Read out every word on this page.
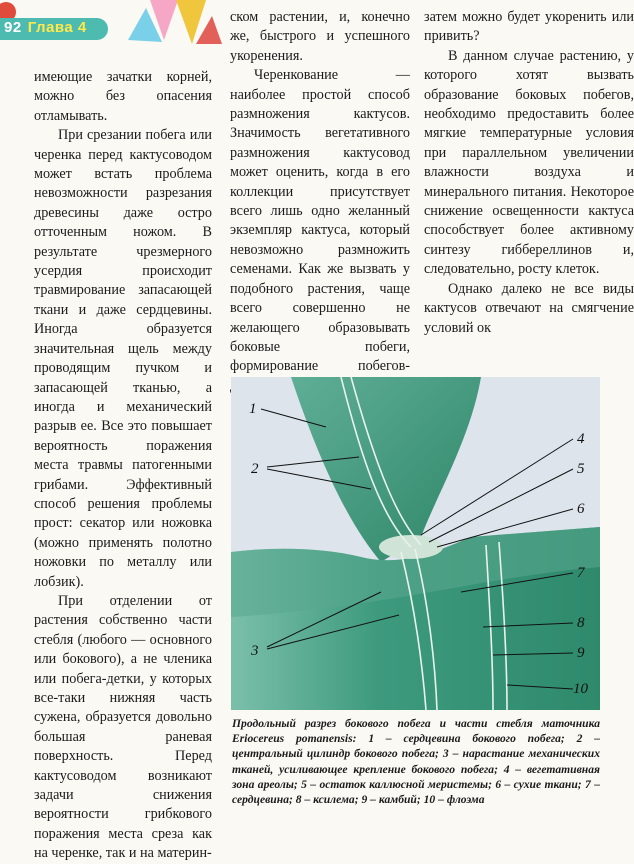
92 Глава 4

имеющие зачатки корней, можно без опасения отламывать.

При срезании побега или черенка перед кактусоводом может встать проблема невозможности разрезания древесины даже остро отточенным ножом. В результате чрезмерного усердия происходит травмирование запасающей ткани и даже сердцевины. Иногда образуется значительная щель между проводящим пучком и запасающей тканью, а иногда и механический разрыв ее. Все это повышает вероятность поражения места травмы патогенными грибами. Эффективный способ решения проблемы прост: секатор или ножовка (можно применять полотно ножовки по металлу или лобзик).

При отделении от растения собственно части стебля (любого — основного или бокового), а не членика или побега-детки, у которых все-таки нижняя часть сужена, образуется довольно большая раневая поверхность. Перед кактусоводом возникают задачи снижения вероятности грибкового поражения места среза как на черенке, так и на материн-

ском растении, и, конечно же, быстрого и успешного укоренения.

Черенкование — наиболее простой способ размножения кактусов. Значимость вегетативного размножения кактусовод может оценить, когда в его коллекции присутствует всего лишь одно желанный экземпляр кактуса, который невозможно размножить семенами. Как же вызвать у подобного растения, чаще всего совершенно не желающего образовывать боковые побеги, формирование побегов-

затем можно будет укоренить или привить?

В данном случае растению, у которого хотят вызвать образование боковых побегов, необходимо предоставить более мягкие температурные условия при параллельном увеличении влажности воздуха и минерального питания. Некоторое снижение освещенности кактуса способствует более активному синтезу гиббереллинов и, следовательно, росту клеток.

Однако далеко не все виды кактусов отвечают на смягчение условий ок

1
2
3
4
5
6
7
8
9
10
Продольный разрез бокового побега и части стебля маточника Eriocereus pomanensis: 1 – сердцевина бокового побега; 2 – центральный цилиндр бокового побега; 3 – нарастание механических тканей, усиливающее крепление бокового побега; 4 – вегетативная зона ареолы; 5 – остаток каллюсной меристемы; 6 – сухие ткани; 7 – сердцевина; 8 – ксилема; 9 – камбий; 10 – флоэма
